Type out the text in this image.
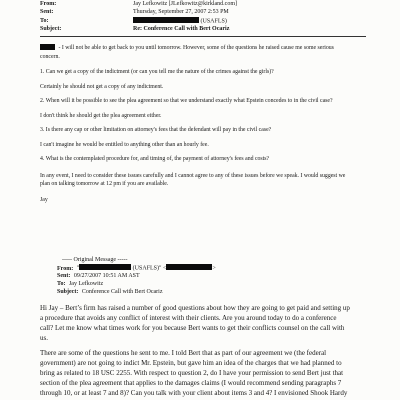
From:	Jay Lefkowitz [JLefkowitz@kirkland.com]
Sent:	Thursday, September 27, 2007 2:53 PM
To:	(USAFLS)
Subject:	Re: Conference Call with Bert Ocariz
- I will not be able to get back to you until tomorrow. However, some of the questions he raised cause me some serious
concern.
1. Can we get a copy of the indictment (or can you tell me the nature of the crimes against the girls)?
Certainly he should not get a copy of any indictment.
2. When will it be possible to see the plea agreement so that we understand exactly what Epstein concedes to in the civil case?
I don't think he should get the plea agreement either.
3. Is there any cap or other limitation on attorney's fees that the defendant will pay in the civil case?
I can't imagine he would be entitled to anything other than an hourly fee.
4. What is the contemplated procedure for, and timing of, the payment of attorney's fees and costs?
In any event, I need to consider these issues carefully and I cannot agree to any of these issues before we speak. I would suggest we
plan on talking tomorrow at 12 pm if you are available.
Jay
----- Original Message -----
From: "	(USAFLS)" <	>
Sent: 09/27/2007 10:51 AM AST
To: Jay Lefkowitz
Subject: Conference Call with Bert Ocariz
Hi Jay – Bert’s firm has raised a number of good questions about how they are going to get paid and setting up
a procedure that avoids any conflict of interest with their clients. Are you around today to do a conference
call? Let me know what times work for you because Bert wants to get their conflicts counsel on the call with
us.
There are some of the questions he sent to me. I told Bert that as part of our agreement we (the federal
government) are not going to indict Mr. Epstein, but gave him an idea of the charges that we had planned to
bring as related to 18 USC 2255. With respect to question 2, do I have your permission to send Bert just that
section of the plea agreement that applies to the damages claims (I would recommend sending paragraphs 7
through 10, or at least 7 and 8)? Can you talk with your client about items 3 and 4? I envisioned Shook Hardy
